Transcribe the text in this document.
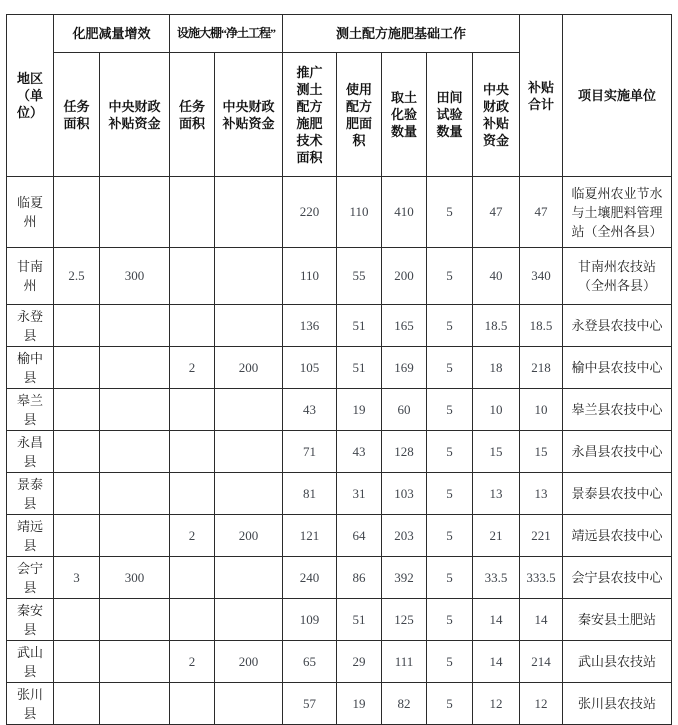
地区（单位）	化肥减量增效		设施大棚“净土工程”		测土配方施肥基础工作					补贴合计	项目实施单位
	任务面积	中央财政补贴资金	任务面积	中央财政补贴资金	推广测土配方施肥技术面积	使用配方肥面积	取土化验数量	田间试验数量	中央财政补贴资金		
临夏州					220	110	410	5	47	47	临夏州农业节水与土壤肥料管理站（全州各县）
甘南州	2.5	300			110	55	200	5	40	340	甘南州农技站（全州各县）
永登县					136	51	165	5	18.5	18.5	永登县农技中心
榆中县			2	200	105	51	169	5	18	218	榆中县农技中心
皋兰县					43	19	60	5	10	10	皋兰县农技中心
永昌县					71	43	128	5	15	15	永昌县农技中心
景泰县					81	31	103	5	13	13	景泰县农技中心
靖远县			2	200	121	64	203	5	21	221	靖远县农技中心
会宁县	3	300			240	86	392	5	33.5	333.5	会宁县农技中心
秦安县					109	51	125	5	14	14	秦安县土肥站
武山县			2	200	65	29	111	5	14	214	武山县农技站
张川县					57	19	82	5	12	12	张川县农技站
